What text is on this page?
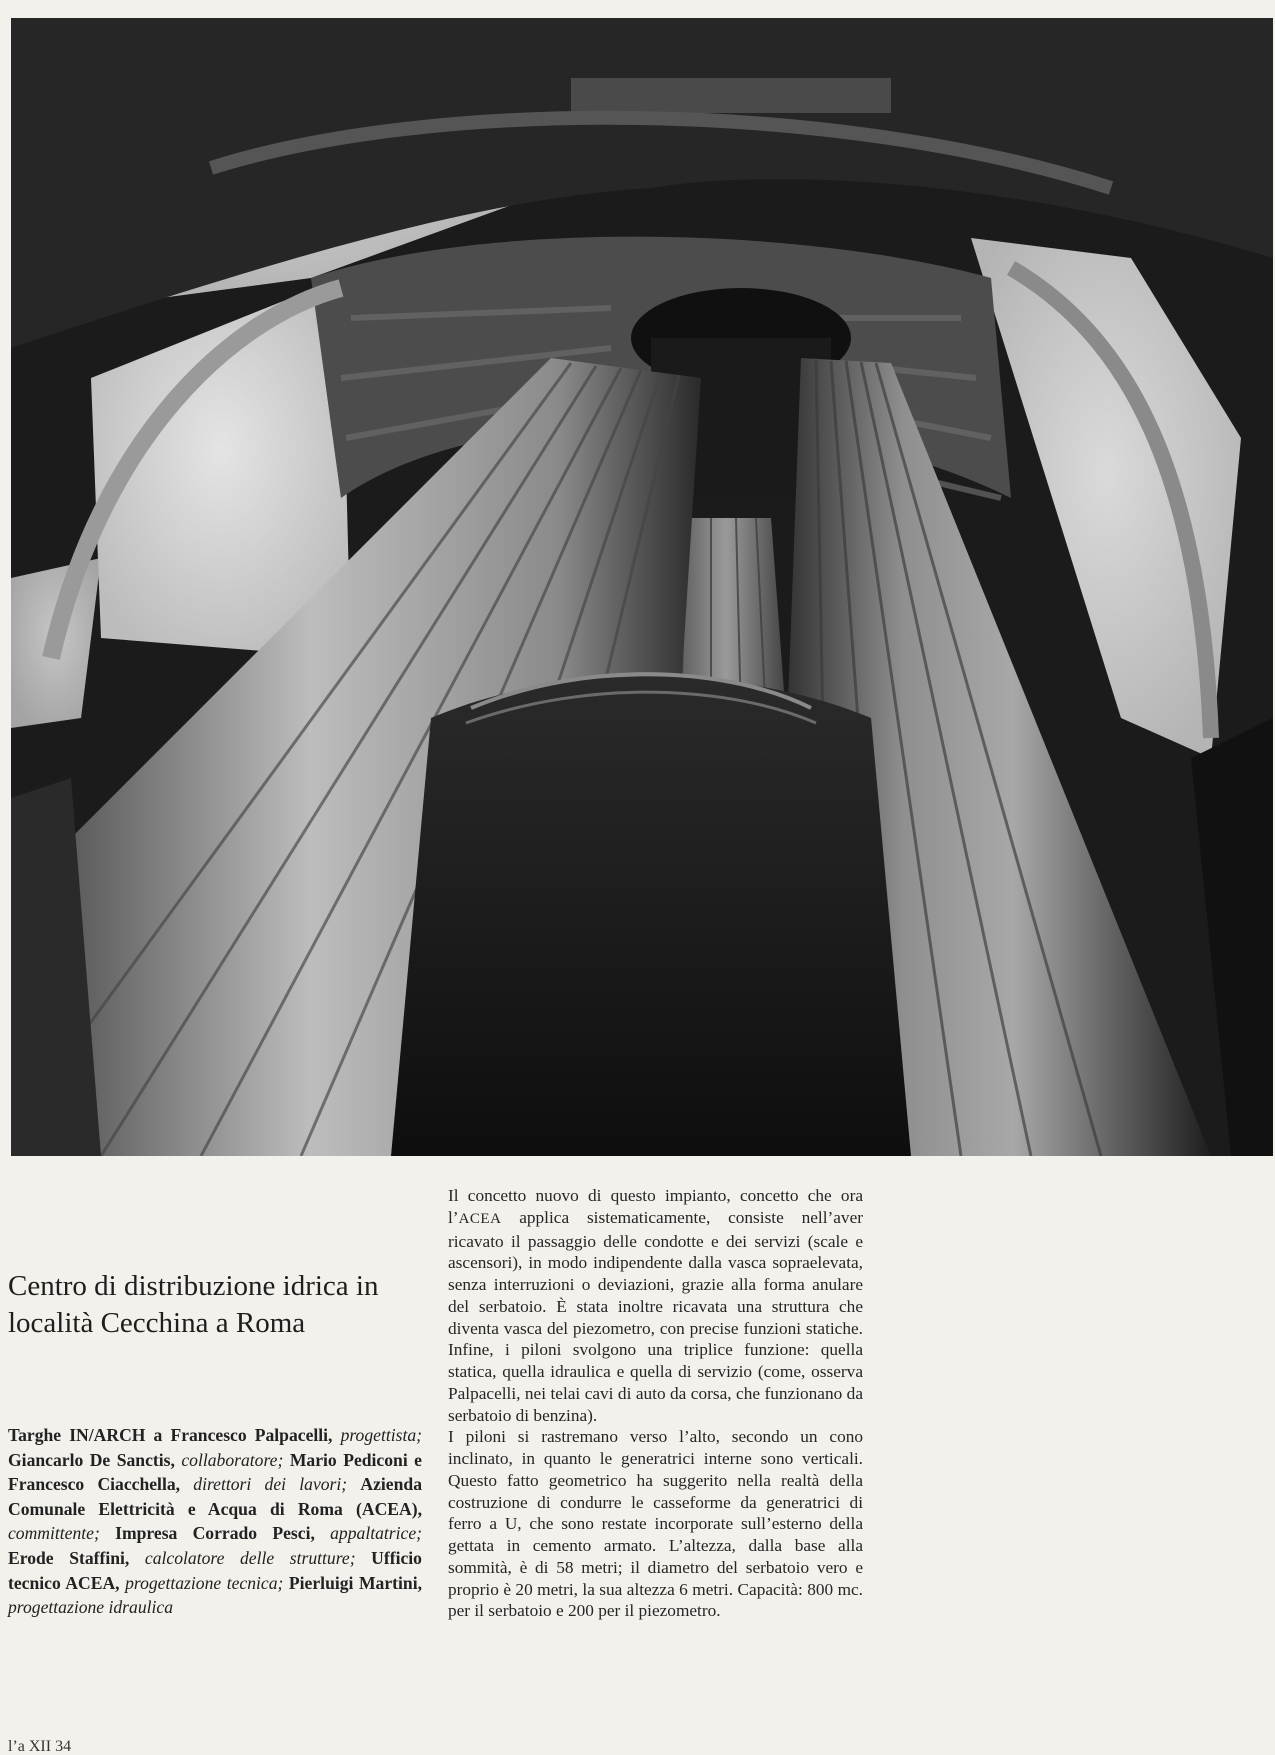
Centro di distribuzione idrica in località Cecchina a Roma
Targhe IN/ARCH a Francesco Palpacelli, progettista; Giancarlo De Sanctis, collaboratore; Mario Pediconi e Francesco Ciacchella, direttori dei lavori; Azienda Comunale Elettricità e Acqua di Roma (ACEA), committente; Impresa Corrado Pesci, appaltatrice; Erode Staffini, calcolatore delle strutture; Ufficio tecnico ACEA, progettazione tecnica; Pierluigi Martini, progettazione idraulica

Il concetto nuovo di questo impianto, concetto che ora l’ACEA applica sistematicamente, consiste nell’aver ricavato il passaggio delle condotte e dei servizi (scale e ascensori), in modo indipendente dalla vasca sopraelevata, senza interruzioni o deviazioni, grazie alla forma anulare del serbatoio. È stata inoltre ricavata una struttura che diventa vasca del piezometro, con precise funzioni statiche. Infine, i piloni svolgono una triplice funzione: quella statica, quella idraulica e quella di servizio (come, osserva Palpacelli, nei telai cavi di auto da corsa, che funzionano da serbatoio di benzina).

I piloni si rastremano verso l’alto, secondo un cono inclinato, in quanto le generatrici interne sono verticali. Questo fatto geometrico ha suggerito nella realtà della costruzione di condurre le casseforme da generatrici di ferro a U, che sono restate incorporate sull’esterno della gettata in cemento armato. L’altezza, dalla base alla sommità, è di 58 metri; il diametro del serbatoio vero e proprio è 20 metri, la sua altezza 6 metri. Capacità: 800 mc. per il serbatoio e 200 per il piezometro.

l’a XII 34
